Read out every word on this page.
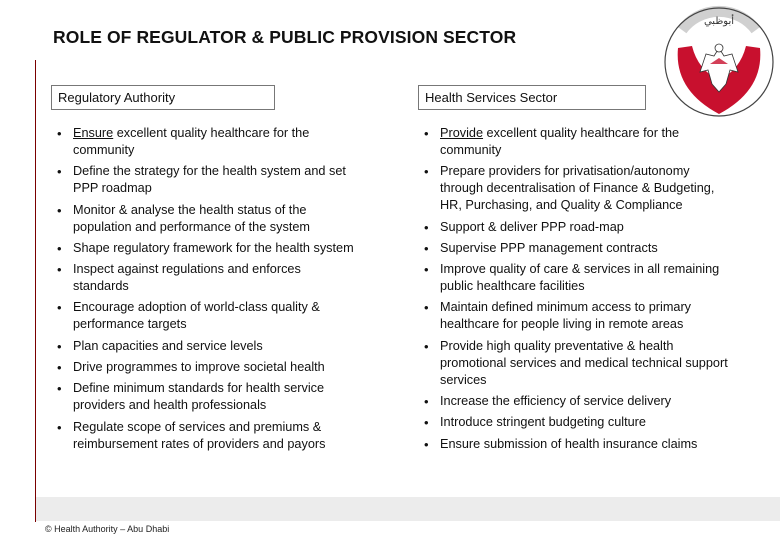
ROLE OF REGULATOR & PUBLIC PROVISION SECTOR
أبوظبي
Regulatory Authority	Health Services Sector
• Ensure excellent quality healthcare for the community
• Define the strategy for the health system and set PPP roadmap
• Monitor & analyse the health status of the population and performance of the system
• Shape regulatory framework for the health system
• Inspect against regulations and enforces standards
• Encourage adoption of world-class quality & performance targets
• Plan capacities and service levels
• Drive programmes to improve societal health
• Define minimum standards for health service providers and health professionals
• Regulate scope of services and premiums & reimbursement rates of providers and payors
• Provide excellent quality healthcare for the community
• Prepare providers for privatisation/autonomy through decentralisation of Finance & Budgeting, HR, Purchasing, and Quality & Compliance
• Support & deliver PPP road-map
• Supervise PPP management contracts
• Improve quality of care & services in all remaining public healthcare facilities
• Maintain defined minimum access to primary healthcare for people living in remote areas
• Provide high quality preventative & health promotional services and medical technical support services
• Increase the efficiency of service delivery
• Introduce stringent budgeting culture
• Ensure submission of health insurance claims
© Health Authority – Abu Dhabi
